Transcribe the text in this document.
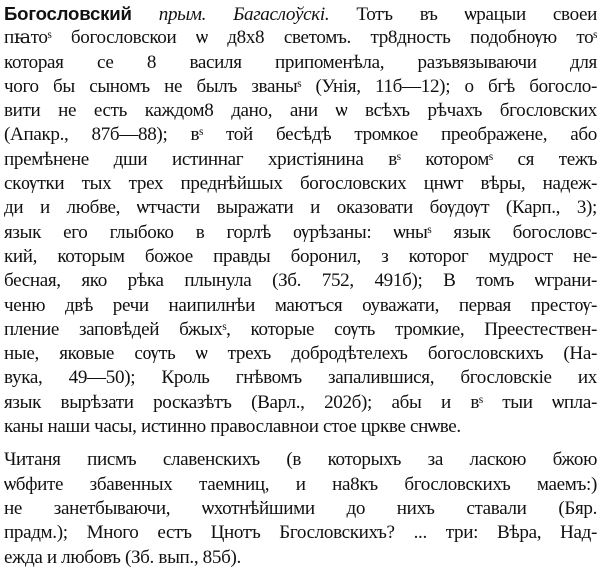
Богословский прым. Багаслоўскі. Тотъ въ ѡрацыи своеи
пꙗтоˢ богословскои ѡ д8х8 светомъ. тр8дность подобнѹю тоˢ
которая се 8 василя припоменѣла, разъвязываючи для
чого бы сыномъ не былъ званыˢ (Унія, 11б—12); о бгѣ богосло-
вити не есть каждом8 дано, ани ѡ всѣхъ рѣчахъ бгословских
(Апакр., 87б—88); вˢ той бесѣдѣ тромкое преображене, або
премѣнене дши истиннаг христіянина вˢ которомˢ ся тежъ
скѹтки тых трех преднѣйшых богословских цнѡт вѣры, надеж-
ди и любве, ѡтчасти выражати и оказовати бѹдѹт (Карп., 3);
язык его глыбоко в горлѣ ѹрѣзаны: ѡныˢ язык богословс-
кий, которым божое правды боронил, з которог мудрост не-
бесная, яко рѣка плынула (Зб. 752, 491б); В томъ ѡграни-
ченю двѣ речи наипилнѣи маютъся оуважати, первая престѹ-
пление заповѣдей бжыхˢ, которые сѹть тромкие, Преестествен-
ные, яковые сѹть ѡ трехъ добродѣтелехъ богословскихъ (На-
вука, 49—50); Кроль гнѣвомъ запалившися, бгословскіе их
язык вырѣзати росказѣтъ (Варл., 202б); абы и вˢ тыи ѡпла-
каны наши часы, истинно православнои стое цркве снѡве.
Читаня писмъ славенскихъ (в которыхъ за ласкою бжою
ѡбфите збавенных таемниц, и на8къ бгословскихъ маемъ:)
не занетбываючи, ѡхотнѣйшими до нихъ ставали (Бяр.
прадм.); Много естъ Цнотъ Бгословскихъ? ... три: Вѣра, Над-
ежда и любовъ (Зб. вып., 85б).
